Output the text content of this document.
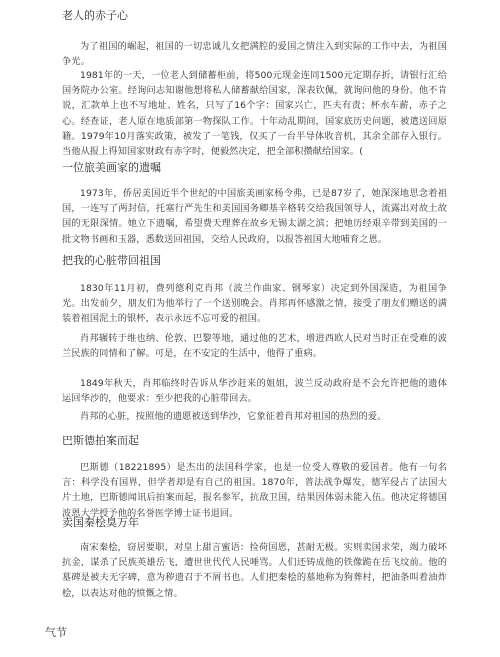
老人的赤子心
为了祖国的崛起，祖国的一切忠诚儿女把满腔的爱国之情注入到实际的工作中去，为祖国争光。
1981年的一天，一位老人到储蓄柜前，将500元现金连同1500元定期存折，请银行汇给国务院办公室。经询问志知谢他想将私人储蓄献给国家，深表钦佩，就询问他的身份。他不肯说，汇款单上也不写地址、姓名，只写了16个字：国家兴亡，匹夫有责；杯水车薪，赤子之心。经查证，老人原在地质部第一物探队工作。十年动乱期间，国家底历史问题，被遣送回原籍。1979年10月落实政策，被发了一笔钱，仅买了一台半导体收音机，其余全部存入银行。当他从报上得知国家财政有赤字时，便毅然决定，把全部积攒献给国家。(
一位旅美画家的遗嘱
1973年，侨居美国近半个世纪的中国旅美画家杨令弗，已是87岁了，她深深地思念着祖国，一连写了两封信，托塞行严先生和美国国务卿基辛格转交给我国领导人，流露出对故土故国的无限深情。她立下遗嘱，希望费天理葬在故乡无锡太湖之滨；把她历经艰辛带到美国的一批文物书画和玉器，悉数送回祖国，交给人民政府，以报答祖国大地哺育之恩。
把我的心脏带回祖国
1830年11月初，费列德利克肖邦（波兰作曲家、钢琴家）决定到外国深造，为祖国争光。出发前夕，朋友们为他举行了一个送别晚会。肖邦再怀感激之情，接受了朋友们赠送的满装着祖国泥土的银杯，表示永远不忘可爱的祖国。
肖邦辗转于维也纳、伦敦、巴黎等地，通过他的艺术，增进西欧人民对当时正在受难的波兰民族的同情和了解。可是，在不安定的生活中，他得了重病。
1849年秋天，肖邦临终时告诉从华沙赶来的姐姐，波兰反动政府是不会允许把他的遗体运回华沙的，他要求：至少把我的心脏带回去。
肖邦的心脏，按照他的遗愿被送到华沙，它象征着肖邦对祖国的热烈的爱。
巴斯德拍案而起
巴斯德（18221895）是杰出的法国科学家，也是一位受人尊敬的爱国者。他有一句名言：科学没有国界，但学者却是有自己的祖国。1870年，普法战争爆发，德军侵占了法国大片土地，巴斯德闻讯后拍案而起，报名参军，抗敌卫国，结果因体弱未能入伍。他决定将德国波恩大学授予他的名誉医学博士证书退回。
卖国秦桧臭万年
南宋秦桧，窃居要职，对皇上甜言蜜语：捡荷国恩，甚耐无极。实则卖国求荣，竭力破坏抗金，谋杀了民族英雄岳飞，遭世世代代人民唾骂。人们还铸成他的铁像跪在岳飞坟前。他的墓碑是被夫无字碑，意为秽遗召于不屑书也。人们把秦桧的墓地称为狗葬村，把油条叫着油炸桧，以表达对他的愤慨之情。
气节
